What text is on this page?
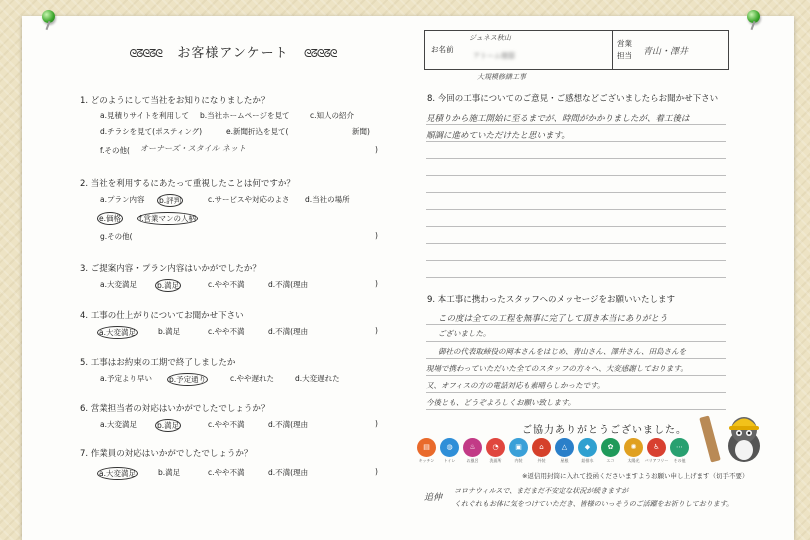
ᘓᘔᘓᘔᘓ お客様アンケート ᘓᘔᘓᘔᘓ
1. どのようにして当社をお知りになりましたか？
a.見積りサイトを利用して b.当社ホームページを見て	c.知人の紹介
d.チラシを見て(ポスティング)	e.新聞折込を見て(	新聞)
f.その他( オーナーズ・スタイル ネット	)
2. 当社を利用するにあたって重視したことは何ですか？
a.プラン内容 b.評判	c.サービスや対応のよさ d.当社の場所
e.価格 f.営業マンの人柄
g.その他(	)
3. ご提案内容・プラン内容はいかがでしたか？
a.大変満足	b.満足	c.やや不満	d.不満(理由	)
4. 工事の仕上がりについてお聞かせ下さい
a.大変満足	b.満足	c.やや不満	d.不満(理由	)
5. 工事はお約束の工期で終了しましたか
a.予定より早い b.予定通り	c.やや遅れた	d.大変遅れた
6. 営業担当者の対応はいかがでしたでしょうか？
a.大変満足	b.満足	c.やや不満	d.不満(理由	)
7. 作業員の対応はいかがでしたでしょうか？
a.大変満足	b.満足	c.やや不満	d.不満(理由	)
お名前
ジュネス秋山
アトーム様邸
営業
担当 青山・澤井
大規模修繕工事
8. 今回の工事についてのご意見・ご感想などございましたらお聞かせ下さい
見積りから施工開始に至るまでが、時間がかかりましたが、着工後は
順調に進めていただけたと思います。
9. 本工事に携わったスタッフへのメッセージをお願いいたします
この度は全ての工程を無事に完了して頂き本当にありがとう
ございました。
御社の代表取締役の岡本さんをはじめ、青山さん、澤井さん、田島さんを
現場で携わっていただいた全てのスタッフの方々へ、大変感謝しております。
又、オフィスの方の電話対応も素晴らしかったです。
今後とも、どうぞよろしくお願い致します。
ご協力ありがとうございました。
▤
キッチン
◍
トイレ
♨
お風呂
◔
洗面所
▣
内装
⌂
外装
△
屋根
◆
給排水
✿
エコ
✺
太陽光
♿
バリアフリー
⋯
その他
※返信用封筒に入れて投函くださいますようお願い申し上げます（切手不要）
追伸
コロナウィルスで、まだまだ不安定な状況が続きますが
くれぐれもお体に気をつけていただき、皆様のいっそうのご活躍をお祈りしております。
